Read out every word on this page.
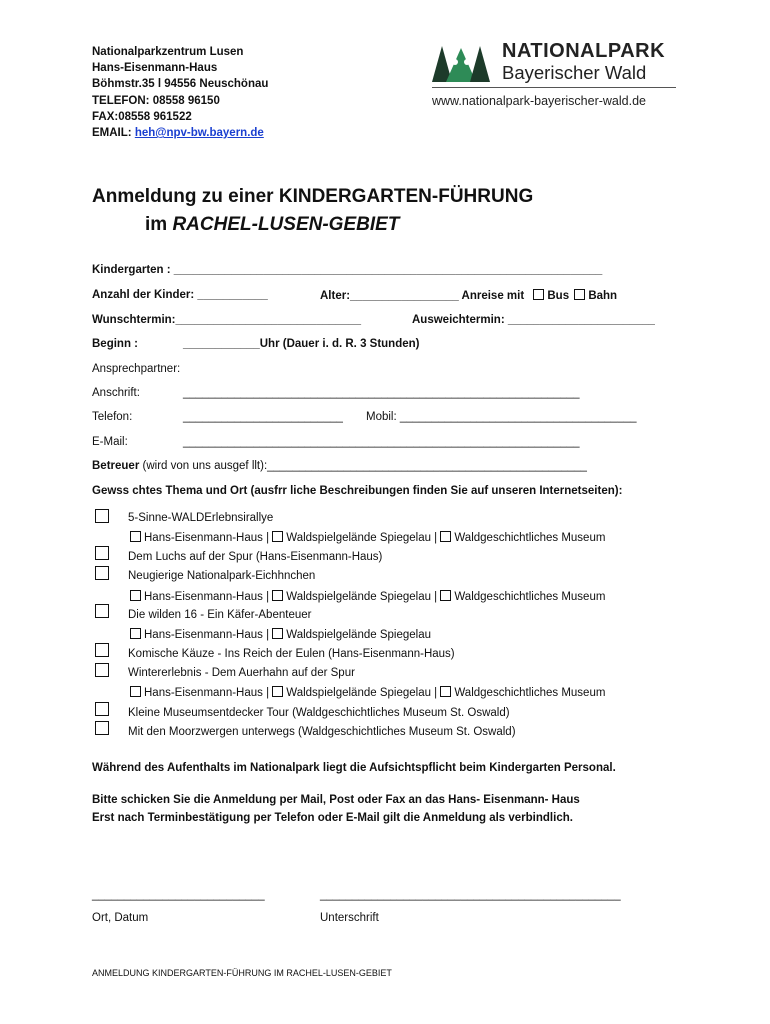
Nationalparkzentrum Lusen
Hans-Eisenmann-Haus
Böhmstr.35 l 94556 Neuschönau
TELEFON: 08558 96150
FAX:08558 961522
EMAIL: heh@npv-bw.bayern.de
NATIONALPARK
Bayerischer Wald
www.nationalpark-bayerischer-wald.de
Anmeldung zu einer KINDERGARTEN-FÜHRUNG
im RACHEL-LUSEN-GEBIET
Kindergarten : ___________________________________________________________________
Anzahl der Kinder: ___________	Alter:_________________ Anreise mit Bus Bahn
Wunschtermin:_____________________________	Ausweichtermin: _______________________
Beginn :	____________Uhr (Dauer i. d. R. 3 Stunden)
Ansprechpartner:
Anschrift:	______________________________________________________________
Telefon:	_________________________ Mobil: _____________________________________
E-Mail:	______________________________________________________________
Betreuer (wird von uns ausgef llt):__________________________________________________
Gewss chtes Thema und Ort (ausfrr liche Beschreibungen finden Sie auf unseren Internetseiten):
5-Sinne-WALDErlebnsirallye
Hans-Eisenmann-Haus | Waldspielgelände Spiegelau | Waldgeschichtliches Museum
Dem Luchs auf der Spur (Hans-Eisenmann-Haus)
Neugierige Nationalpark-Eichhnchen
Hans-Eisenmann-Haus | Waldspielgelände Spiegelau | Waldgeschichtliches Museum
Die wilden 16 - Ein Käfer-Abenteuer
Hans-Eisenmann-Haus | Waldspielgelände Spiegelau
Komische Käuze - Ins Reich der Eulen (Hans-Eisenmann-Haus)
Wintererlebnis - Dem Auerhahn auf der Spur
Hans-Eisenmann-Haus | Waldspielgelände Spiegelau | Waldgeschichtliches Museum
Kleine Museumsentdecker Tour (Waldgeschichtliches Museum St. Oswald)
Mit den Moorzwergen unterwegs (Waldgeschichtliches Museum St. Oswald)
Während des Aufenthalts im Nationalpark liegt die Aufsichtspflicht beim Kindergarten Personal.
Bitte schicken Sie die Anmeldung per Mail, Post oder Fax an das Hans- Eisenmann- Haus
Erst nach Terminbestätigung per Telefon oder E-Mail gilt die Anmeldung als verbindlich.
___________________________	_______________________________________________
Ort, Datum	Unterschrift
ANMELDUNG KINDERGARTEN-FÜHRUNG IM RACHEL-LUSEN-GEBIET
